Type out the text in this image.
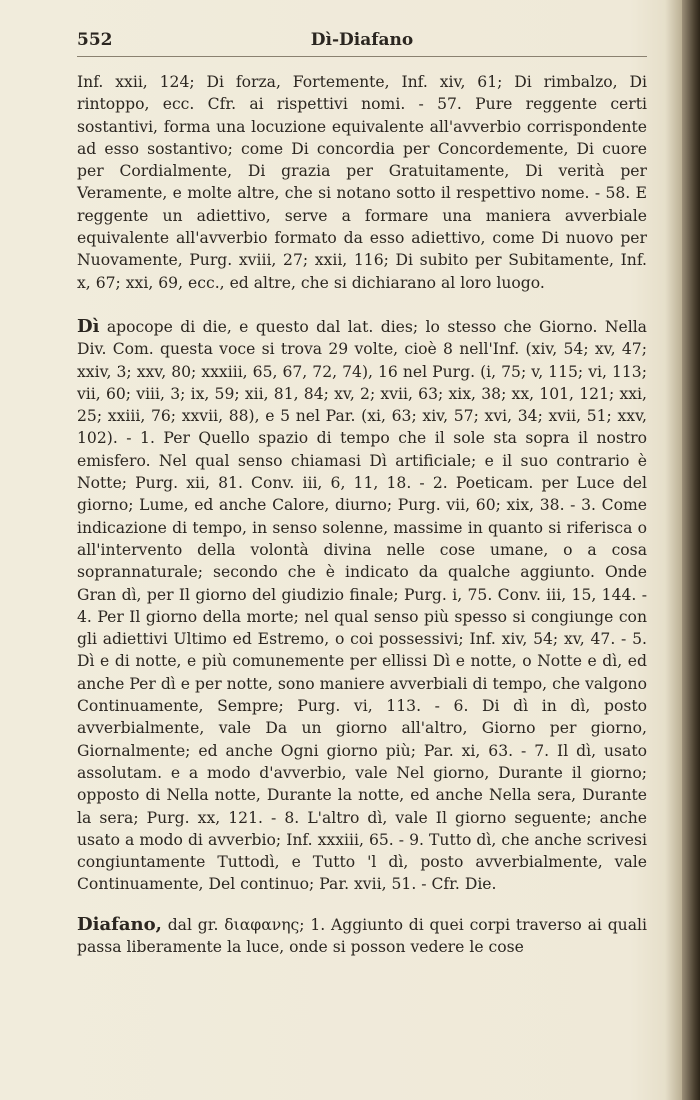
552	Dì-Diafano

Inf. xxii, 124; Di forza, Fortemente, Inf. xiv, 61; Di rimbalzo, Di rintoppo, ecc. Cfr. ai rispettivi nomi. - 57. Pure reggente certi sostantivi, forma una locuzione equivalente all'avverbio corrispondente ad esso sostantivo; come Di concordia per Concordemente, Di cuore per Cordialmente, Di grazia per Gratuitamente, Di verità per Veramente, e molte altre, che si notano sotto il respettivo nome. - 58. E reggente un adiettivo, serve a formare una maniera avverbiale equivalente all'avverbio formato da esso adiettivo, come Di nuovo per Nuovamente, Purg. xviii, 27; xxii, 116; Di subito per Subitamente, Inf. x, 67; xxi, 69, ecc., ed altre, che si dichiarano al loro luogo.

Dì apocope di die, e questo dal lat. dies; lo stesso che Giorno. Nella Div. Com. questa voce si trova 29 volte, cioè 8 nell'Inf. (xiv, 54; xv, 47; xxiv, 3; xxv, 80; xxxiii, 65, 67, 72, 74), 16 nel Purg. (i, 75; v, 115; vi, 113; vii, 60; viii, 3; ix, 59; xii, 81, 84; xv, 2; xvii, 63; xix, 38; xx, 101, 121; xxi, 25; xxiii, 76; xxvii, 88), e 5 nel Par. (xi, 63; xiv, 57; xvi, 34; xvii, 51; xxv, 102). - 1. Per Quello spazio di tempo che il sole sta sopra il nostro emisfero. Nel qual senso chiamasi Dì artificiale; e il suo contrario è Notte; Purg. xii, 81. Conv. iii, 6, 11, 18. - 2. Poeticam. per Luce del giorno; Lume, ed anche Calore, diurno; Purg. vii, 60; xix, 38. - 3. Come indicazione di tempo, in senso solenne, massime in quanto si riferisca o all'intervento della volontà divina nelle cose umane, o a cosa soprannaturale; secondo che è indicato da qualche aggiunto. Onde Gran dì, per Il giorno del giudizio finale; Purg. i, 75. Conv. iii, 15, 144. - 4. Per Il giorno della morte; nel qual senso più spesso si congiunge con gli adiettivi Ultimo ed Estremo, o coi possessivi; Inf. xiv, 54; xv, 47. - 5. Dì e di notte, e più comunemente per ellissi Dì e notte, o Notte e dì, ed anche Per dì e per notte, sono maniere avverbiali di tempo, che valgono Continuamente, Sempre; Purg. vi, 113. - 6. Di dì in dì, posto avverbialmente, vale Da un giorno all'altro, Giorno per giorno, Giornalmente; ed anche Ogni giorno più; Par. xi, 63. - 7. Il dì, usato assolutam. e a modo d'avverbio, vale Nel giorno, Durante il giorno; opposto di Nella notte, Durante la notte, ed anche Nella sera, Durante la sera; Purg. xx, 121. - 8. L'altro dì, vale Il giorno seguente; anche usato a modo di avverbio; Inf. xxxiii, 65. - 9. Tutto dì, che anche scrivesi congiuntamente Tuttodì, e Tutto 'l dì, posto avverbialmente, vale Continuamente, Del continuo; Par. xvii, 51. - Cfr. Die.

Diafano, dal gr. διαφανης; 1. Aggiunto di quei corpi traverso ai quali passa liberamente la luce, onde si posson vedere le cose
